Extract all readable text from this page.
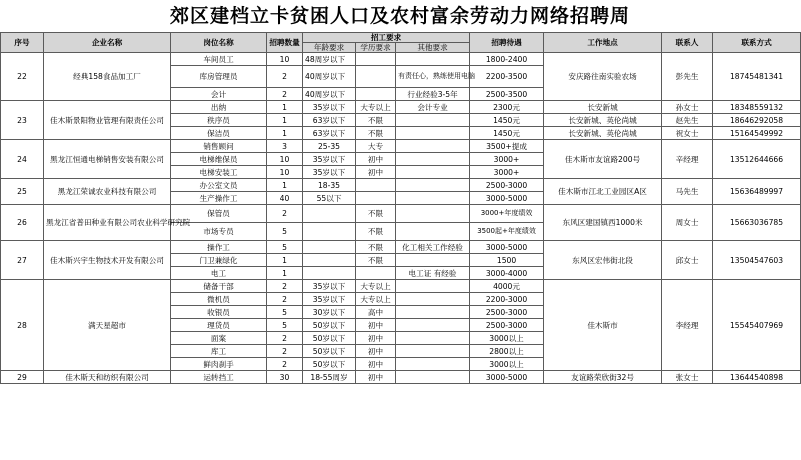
郊区建档立卡贫困人口及农村富余劳动力网络招聘周
序号	企业名称	岗位名称	招聘数量	招工要求			招聘待遇	工作地点	联系人	联系方式
				年龄要求	学历要求	其他要求				
22	经典158食品加工厂	车间员工	10	48周岁以下			1800-2400	安庆路往南实验农场	彭先生	18745481341
		库房管理员	2	40周岁以下		有责任心，熟练使用电脑	2200-3500			
		会计	2	40周岁以下		行业经验3-5年	2500-3500			
23	佳木斯景阳物业管理有限责任公司	出纳	1	35岁以下	大专以上	会计专业	2300元	长安新城	孙女士	18348559132
		秩序员	1	63岁以下	不限		1450元	长安新城、英伦尚城	赵先生	18646292058
		保洁员	1	63岁以下	不限		1450元	长安新城、英伦尚城	祝女士	15164549992
24	黑龙江恒通电梯销售安装有限公司	销售顾问	3	25-35	大专		3500+提成	佳木斯市友谊路200号	辛经理	13512644666
		电梯维保员	10	35岁以下	初中		3000+			
		电梯安装工	10	35岁以下	初中		3000+			
25	黑龙江荣诚农业科技有限公司	办公室文员	1	18-35			2500-3000	佳木斯市江北工业园区A区	马先生	15636489997
		生产操作工	40	55以下			3000-5000			
26	黑龙江省普田种业有限公司农业科学研究院	保管员	2		不限		3000+年度绩效	东风区建国镇西1000米	周女士	15663036785
		市场专员	5		不限		3500起+年度绩效			
27	佳木斯兴宇生物技术开发有限公司	操作工	5		不限	化工相关工作经验	3000-5000	东风区宏伟街北段	邱女士	13504547603
		门卫兼绿化	1		不限		1500			
		电工	1			电工证 有经验	3000-4000			
28	满天星超市	储备干部	2	35岁以下	大专以上		4000元	佳木斯市	李经理	15545407969
		微机员	2	35岁以下	大专以上		2200-3000			
		收银员	5	30岁以下	高中		2500-3000			
		理货员	5	50岁以下	初中		2500-3000			
		面案	2	50岁以下	初中		3000以上			
		库工	2	50岁以下	初中		2800以上			
		鲜肉刹手	2	50岁以下	初中		3000以上			
29	佳木斯天和纺织有限公司	运转挡工	30	18-55周岁	初中		3000-5000	友谊路荣欣街32号	张女士	13644540898
